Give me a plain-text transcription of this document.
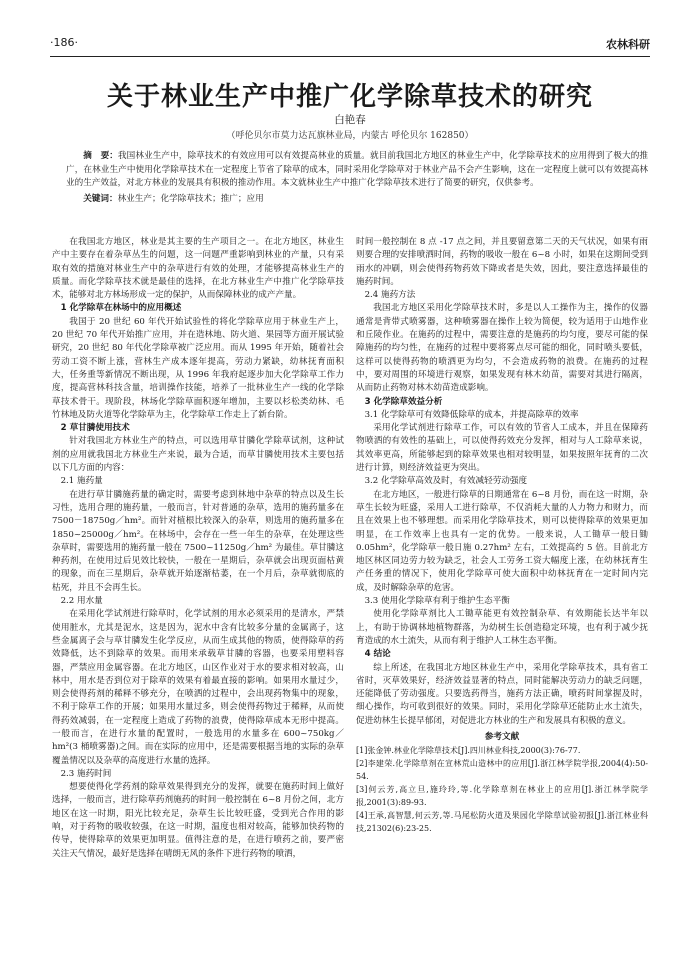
·186·	农林科研
关于林业生产中推广化学除草技术的研究
白艳春
（呼伦贝尔市莫力达瓦旗林业局，内蒙古 呼伦贝尔 162850）
摘　要：我国林业生产中，除草技术的有效应用可以有效提高林业的质量。就目前我国北方地区的林业生产中，化学除草技术的应用得到了极大的推广，在林业生产中使用化学除草技术在一定程度上节省了除草的成本，同时采用化学除草对于林业产品不会产生影响，这在一定程度上就可以有效提高林业的生产效益，对北方林业的发展具有积极的推动作用。本文就林业生产中推广化学除草技术进行了简要的研究，仅供参考。
关键词：林业生产；化学除草技术；推广；应用

在我国北方地区，林业是其主要的生产项目之一。在北方地区，林业生产中主要存在着杂草丛生的问题，这一问题严重影响到林业的产量，只有采取有效的措施对林业生产中的杂草进行有效的处理，才能够提高林业生产的质量。而化学除草技术就是最佳的选择，在北方林业生产中推广化学除草技术，能够对北方林场形成一定的保护，从而保障林业的成产产量。

1 化学除草在林场中的应用概述

我国于 20 世纪 60 年代开始试验性的将化学除草应用于林业生产上，20 世纪 70 年代开始推广应用，并在造林地、防火道、果园等方面开展试验研究，20 世纪 80 年代化学除草被广泛应用。而从 1995 年开始，随着社会劳动工资不断上涨，营林生产成本逐年提高，劳动力紧缺，幼林抚育面积大，任务重等新情况不断出现，从 1996 年我府起逐步加大化学除草工作力度，提高营林科技含量，培训操作技能，培养了一批林业生产一线的化学除草技术骨干。现阶段，林场化学除草面积逐年增加，主要以杉松类幼林、毛竹林地及防火道等化学除草为主，化学除草工作走上了新台阶。

2 草甘膦使用技术

针对我国北方林业生产的特点，可以选用草甘膦化学除草试剂，这种试剂的应用就我国北方林业生产来说，最为合适，而草甘膦使用技术主要包括以下几方面的内容：

2.1 施药量

在进行草甘膦施药量的确定时，需要考虑到林地中杂草的特点以及生长习性，选用合理的施药量，一般而言，针对普通的杂草，选用的施药量多在 7500－18750g／hm²。而针对植根比较深入的杂草，则选用的施药量多在 1850~25000g／hm²。在林场中，会存在一些一年生的杂草，在处理这些杂草时，需要选用的施药量一般在 7500~11250g／hm² 为最佳。草甘膦这种药剂，在使用过后见效比较快，一般在一星期后，杂草就会出现页面枯黄的现象，而在三星期后，杂草就开始逐渐枯萎，在一个月后，杂草就彻底的枯死，并且不会再生长。

2.2 用水量

在采用化学试剂进行除草时，化学试剂的用水必须采用的是清水，严禁使用脏水，尤其是泥水，这是因为，泥水中含有比较多分量的金属离子，这些金属离子会与草甘膦发生化学反应，从而生成其他的物质，使得除草的药效降低，达不到除草的效果。而用来承载草甘膦的容器，也要采用塑料容器，严禁应用金属容器。在北方地区，山区作业对于水的要求相对较高，山林中，用水是否到位对于除草的效果有着最直接的影响。如果用水量过少，则会使得药剂的稀释不够充分，在喷洒的过程中，会出现药物集中的现象，不利于除草工作的开展；如果用水量过多，则会使得药物过于稀释，从而使得药效减弱，在一定程度上造成了药物的浪费，使得除草成本无形中提高。一般而言，在进行水量的配置时，一般选用的水量多在 600~750kg／hm²(3 桶喷雾器)之间。而在实际的应用中，还是需要根据当地的实际的杂草覆盖情况以及杂草的高度进行水量的选择。

2.3 施药时间

想要使得化学药剂的除草效果得到充分的发挥，就要在施药时间上做好选择，一般而言，进行除草药剂施药的时间一般控制在 6~8 月份之间，北方地区在这一时期，阳光比较充足，杂草生长比较旺盛，受到光合作用的影响，对于药物的吸收较强，在这一时期，温度也相对较高，能够加快药物的传导，使得除草的效果更加明显。值得注意的是，在进行喷药之前，要严密关注天气情况，最好是选择在晴朗无风的条件下进行药物的喷洒，

时间一般控制在 8 点 -17 点之间，并且要留意第二天的天气状况，如果有雨则要合理的安排喷洒时间，药物的吸收一般在 6~8 小时，如果在这期间受到雨水的冲刷，则会使得药物药效下降或者是失效，因此，要注意选择最佳的施药时间。

2.4 施药方法

我国北方地区采用化学除草技术时，多是以人工操作为主，操作的仪器通常是背带式喷雾器，这种喷雾器在操作上较为简便，较为适用于山地作业和丘陵作业。在施药的过程中，需要注意的是施药的均匀度，要尽可能的保障施药的均匀性，在施药的过程中要将雾点尽可能的细化，同时喷头要低，这样可以使得药物的喷洒更为均匀，不会造成药物的浪费。在施药的过程中，要对周围的环境进行观察，如果发现有林木幼苗，需要对其进行隔离，从而防止药物对林木幼苗造成影响。

3 化学除草效益分析

3.1 化学除草可有效降低除草的成本，并提高除草的效率

采用化学试剂进行除草工作，可以有效的节省人工成本，并且在保障药物喷洒的有效性的基础上，可以使得药效充分发挥，相对与人工除草来说，其效率更高，所能够起到的除草效果也相对较明显，如果按照年抚育的二次进行计算，则经济效益更为突出。

3.2 化学除草高效及时，有效减轻劳动强度

在北方地区，一般进行除草的日期通常在 6~8 月份，而在这一时期，杂草生长较为旺盛，采用人工进行除草，不仅消耗大量的人力物力和财力，而且在效果上也不够理想。而采用化学除草技术，则可以使得除草的效果更加明显，在工作效率上也具有一定的优势。一般来说，人工锄草一般日锄 0.05hm²，化学除草一般日施 0.27hm² 左右，工效提高约 5 倍。目前北方地区林区同边劳力较为缺乏，社会人工劳务工资大幅度上涨，在幼林抚育生产任务重的情况下，使用化学除草可使大面积中幼林抚育在一定时间内完成，及时解除杂草的危害。

3.3 使用化学除草有利于维护生态平衡

使用化学除草剂比人工锄草能更有效控制杂草、有效期能长达半年以上，有助于协调林地植物群落，为幼树生长创造稳定环境，也有利于减少抚育造成的水土流失，从而有利于维护人工林生态平衡。

4 结论

综上所述，在我国北方地区林业生产中，采用化学除草技术，具有省工省时，灭草效果好，经济效益显著的特点，同时能解决劳动力的缺乏问题，还能降低了劳动强度。只要选药得当，施药方法正确，喷药时间掌握及时，细心操作，均可收到很好的效果。同时，采用化学除草还能防止水土流失，促进幼林生长提早郁闭，对促进北方林业的生产和发展具有积极的意义。

参考文献

[1]张金钟.林业化学除草技术[J].四川林业科技,2000(3):76-77.

[2]李建荣.化学除草剂在宣林荒山造林中的应用[J].浙江林学院学报,2004(4):50-54.

[3]何云芳,高立旦,施玲玲,等.化学除草剂在林业上的应用[J].浙江林学院学报,2001(3):89-93.

[4]王承,高智慧,何云芳,等.马尾松防火道及果园化学除草试验初报[J].浙江林业科技,21302(6):23-25.
